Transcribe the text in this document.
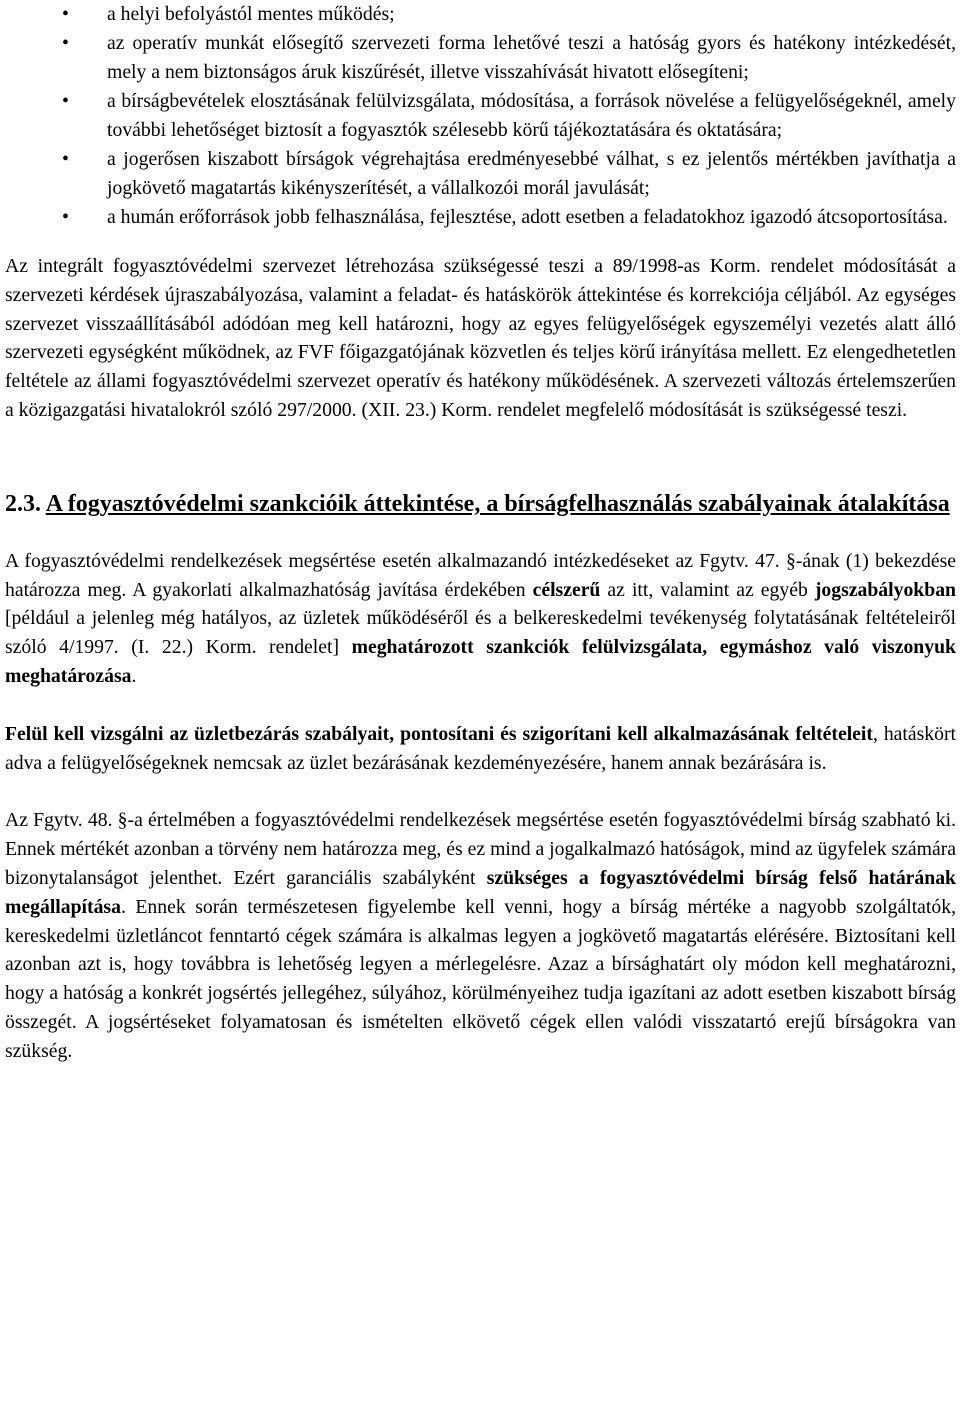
• a helyi befolyástól mentes működés;
• az operatív munkát elősegítő szervezeti forma lehetővé teszi a hatóság gyors és hatékony intézkedését, mely a nem biztonságos áruk kiszűrését, illetve visszahívását hivatott elősegíteni;
• a bírságbevételek elosztásának felülvizsgálata, módosítása, a források növelése a felügyelőségeknél, amely további lehetőséget biztosít a fogyasztók szélesebb körű tájékoztatására és oktatására;
• a jogerősen kiszabott bírságok végrehajtása eredményesebbé válhat, s ez jelentős mértékben javíthatja a jogkövető magatartás kikényszerítését, a vállalkozói morál javulását;
• a humán erőforrások jobb felhasználása, fejlesztése, adott esetben a feladatokhoz igazodó átcsoportosítása.

Az integrált fogyasztóvédelmi szervezet létrehozása szükségessé teszi a 89/1998-as Korm. rendelet módosítását a szervezeti kérdések újraszabályozása, valamint a feladat- és hatáskörök áttekintése és korrekciója céljából. Az egységes szervezet visszaállításából adódóan meg kell határozni, hogy az egyes felügyelőségek egyszemélyi vezetés alatt álló szervezeti egységként működnek, az FVF főigazgatójának közvetlen és teljes körű irányítása mellett. Ez elengedhetetlen feltétele az állami fogyasztóvédelmi szervezet operatív és hatékony működésének. A szervezeti változás értelemszerűen a közigazgatási hivatalokról szóló 297/2000. (XII. 23.) Korm. rendelet megfelelő módosítását is szükségessé teszi.

2.3. A fogyasztóvédelmi szankcióik áttekintése, a bírságfelhasználás szabályainak átalakítása

A fogyasztóvédelmi rendelkezések megsértése esetén alkalmazandó intézkedéseket az Fgytv. 47. §-ának (1) bekezdése határozza meg. A gyakorlati alkalmazhatóság javítása érdekében célszerű az itt, valamint az egyéb jogszabályokban [például a jelenleg még hatályos, az üzletek működéséről és a belkereskedelmi tevékenység folytatásának feltételeiről szóló 4/1997. (I. 22.) Korm. rendelet] meghatározott szankciók felülvizsgálata, egymáshoz való viszonyuk meghatározása.

Felül kell vizsgálni az üzletbezárás szabályait, pontosítani és szigorítani kell alkalmazásának feltételeit, hatáskört adva a felügyelőségeknek nemcsak az üzlet bezárásának kezdeményezésére, hanem annak bezárására is.

Az Fgytv. 48. §-a értelmében a fogyasztóvédelmi rendelkezések megsértése esetén fogyasztóvédelmi bírság szabható ki. Ennek mértékét azonban a törvény nem határozza meg, és ez mind a jogalkalmazó hatóságok, mind az ügyfelek számára bizonytalanságot jelenthet. Ezért garanciális szabályként szükséges a fogyasztóvédelmi bírság felső határának megállapítása. Ennek során természetesen figyelembe kell venni, hogy a bírság mértéke a nagyobb szolgáltatók, kereskedelmi üzletláncot fenntartó cégek számára is alkalmas legyen a jogkövető magatartás elérésére. Biztosítani kell azonban azt is, hogy továbbra is lehetőség legyen a mérlegelésre. Azaz a bírsághatárt oly módon kell meghatározni, hogy a hatóság a konkrét jogsértés jellegéhez, súlyához, körülményeihez tudja igazítani az adott esetben kiszabott bírság összegét. A jogsértéseket folyamatosan és ismételten elkövető cégek ellen valódi visszatartó erejű bírságokra van szükség.
